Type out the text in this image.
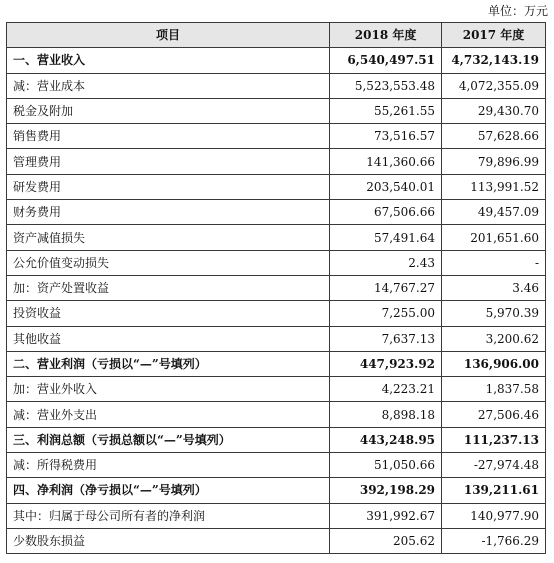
单位：万元
项目	2018 年度	2017 年度
一、营业收入	6,540,497.51	4,732,143.19
减：营业成本	5,523,553.48	4,072,355.09
税金及附加	55,261.55	29,430.70
销售费用	73,516.57	57,628.66
管理费用	141,360.66	79,896.99
研发费用	203,540.01	113,991.52
财务费用	67,506.66	49,457.09
资产减值损失	57,491.64	201,651.60
公允价值变动损失	2.43	-
加：资产处置收益	14,767.27	3.46
投资收益	7,255.00	5,970.39
其他收益	7,637.13	3,200.62
二、营业利润（亏损以“—”号填列）	447,923.92	136,906.00
加：营业外收入	4,223.21	1,837.58
减：营业外支出	8,898.18	27,506.46
三、利润总额（亏损总额以“—”号填列）	443,248.95	111,237.13
减：所得税费用	51,050.66	-27,974.48
四、净利润（净亏损以“—”号填列）	392,198.29	139,211.61
其中：归属于母公司所有者的净利润	391,992.67	140,977.90
少数股东损益	205.62	-1,766.29
